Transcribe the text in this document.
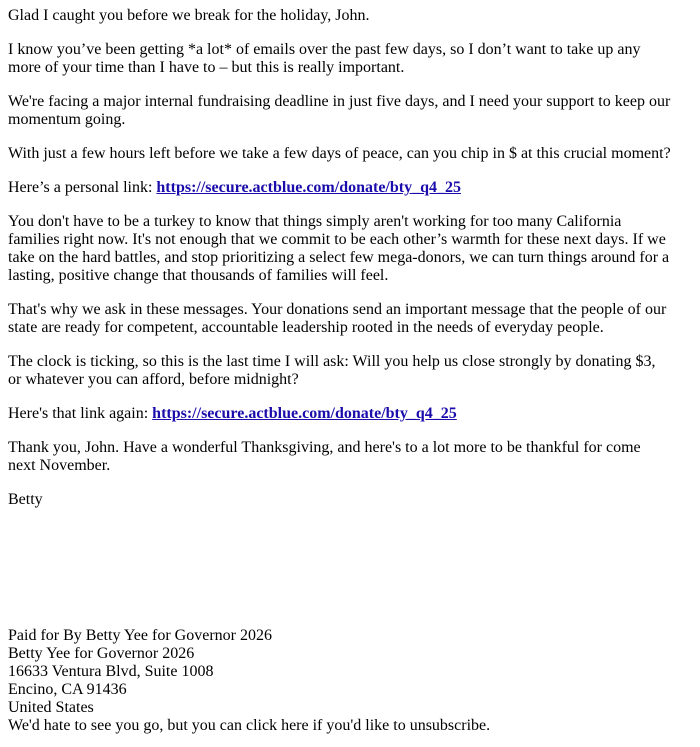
Glad I caught you before we break for the holiday, John.

I know you’ve been getting *a lot* of emails over the past few days, so I don’t want to take up any more of your time than I have to – but this is really important.

We're facing a major internal fundraising deadline in just five days, and I need your support to keep our momentum going.

With just a few hours left before we take a few days of peace, can you chip in $ at this crucial moment?

Here’s a personal link: https://secure.actblue.com/donate/bty_q4_25

You don't have to be a turkey to know that things simply aren't working for too many California families right now. It's not enough that we commit to be each other’s warmth for these next days. If we take on the hard battles, and stop prioritizing a select few mega-donors, we can turn things around for a lasting, positive change that thousands of families will feel.

That's why we ask in these messages. Your donations send an important message that the people of our state are ready for competent, accountable leadership rooted in the needs of everyday people.

The clock is ticking, so this is the last time I will ask: Will you help us close strongly by donating $3, or whatever you can afford, before midnight?

Here's that link again: https://secure.actblue.com/donate/bty_q4_25

Thank you, John. Have a wonderful Thanksgiving, and here's to a lot more to be thankful for come next November.

Betty

Paid for By Betty Yee for Governor 2026
Betty Yee for Governor 2026
16633 Ventura Blvd, Suite 1008
Encino, CA 91436
United States
We'd hate to see you go, but you can click here if you'd like to unsubscribe.
